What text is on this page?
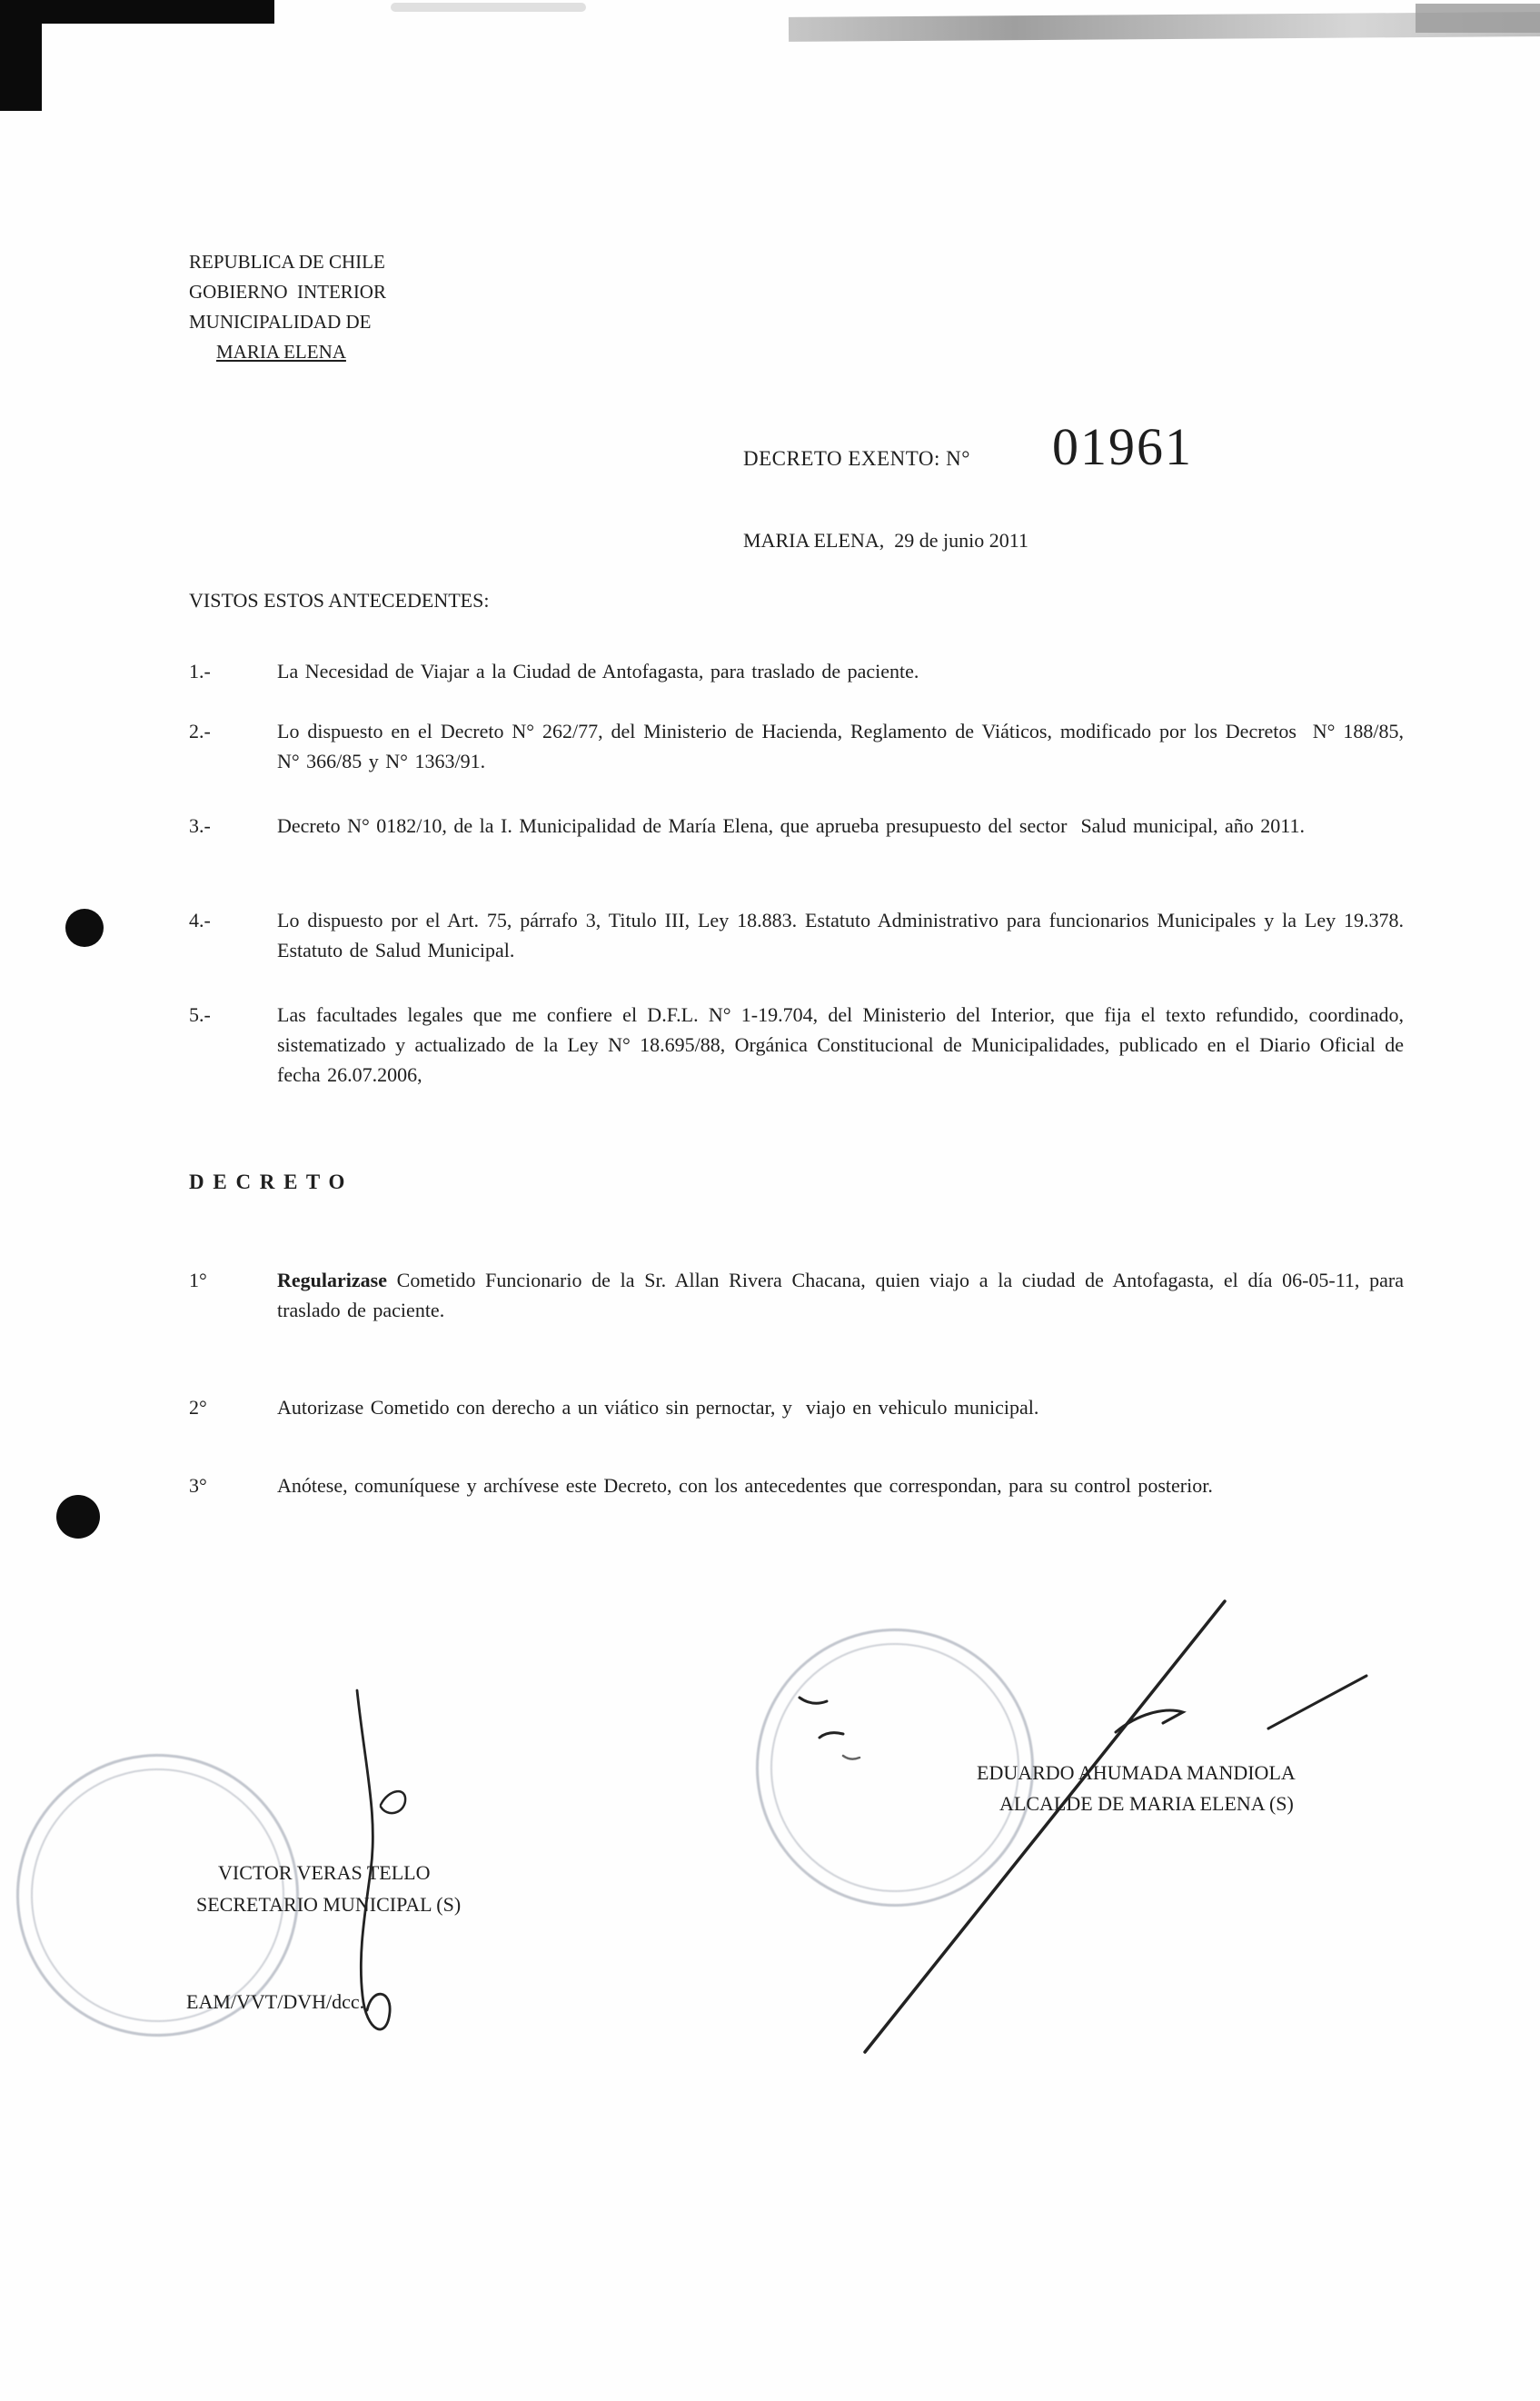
REPUBLICA DE CHILE
GOBIERNO  INTERIOR
MUNICIPALIDAD DE
MARIA ELENA
DECRETO EXENTO: N° 01961
MARIA ELENA,  29 de junio 2011
VISTOS ESTOS ANTECEDENTES:
1.-	La Necesidad de Viajar a la Ciudad de Antofagasta, para traslado de paciente.
2.-	Lo dispuesto en el Decreto N° 262/77, del Ministerio de Hacienda, Reglamento de Viáticos, modificado por los Decretos  N° 188/85,  N° 366/85 y N° 1363/91.
3.-	Decreto N° 0182/10, de la I. Municipalidad de María Elena, que aprueba presupuesto del sector  Salud municipal, año 2011.
4.-	Lo dispuesto por el Art. 75, párrafo 3, Titulo III, Ley 18.883. Estatuto Administrativo para funcionarios Municipales y la Ley 19.378. Estatuto de Salud Municipal.
5.-	Las facultades legales que me confiere el D.F.L. N° 1-19.704, del Ministerio del Interior, que fija el texto refundido, coordinado, sistematizado y actualizado de la Ley N° 18.695/88, Orgánica Constitucional de Municipalidades, publicado en el Diario Oficial de fecha 26.07.2006,
D E C R E T O
1°	Regularizase Cometido Funcionario de la Sr. Allan Rivera Chacana, quien viajo a la ciudad de Antofagasta, el día 06-05-11, para traslado de paciente.
2°	Autorizase Cometido con derecho a un viático sin pernoctar, y  viajo en vehiculo municipal.
3°	Anótese, comuníquese y archívese este Decreto, con los antecedentes que correspondan, para su control posterior.
EDUARDO AHUMADA MANDIOLA
ALCALDE DE MARIA ELENA (S)
VICTOR VERAS TELLO
SECRETARIO MUNICIPAL (S)
EAM/VVT/DVH/dcc.
